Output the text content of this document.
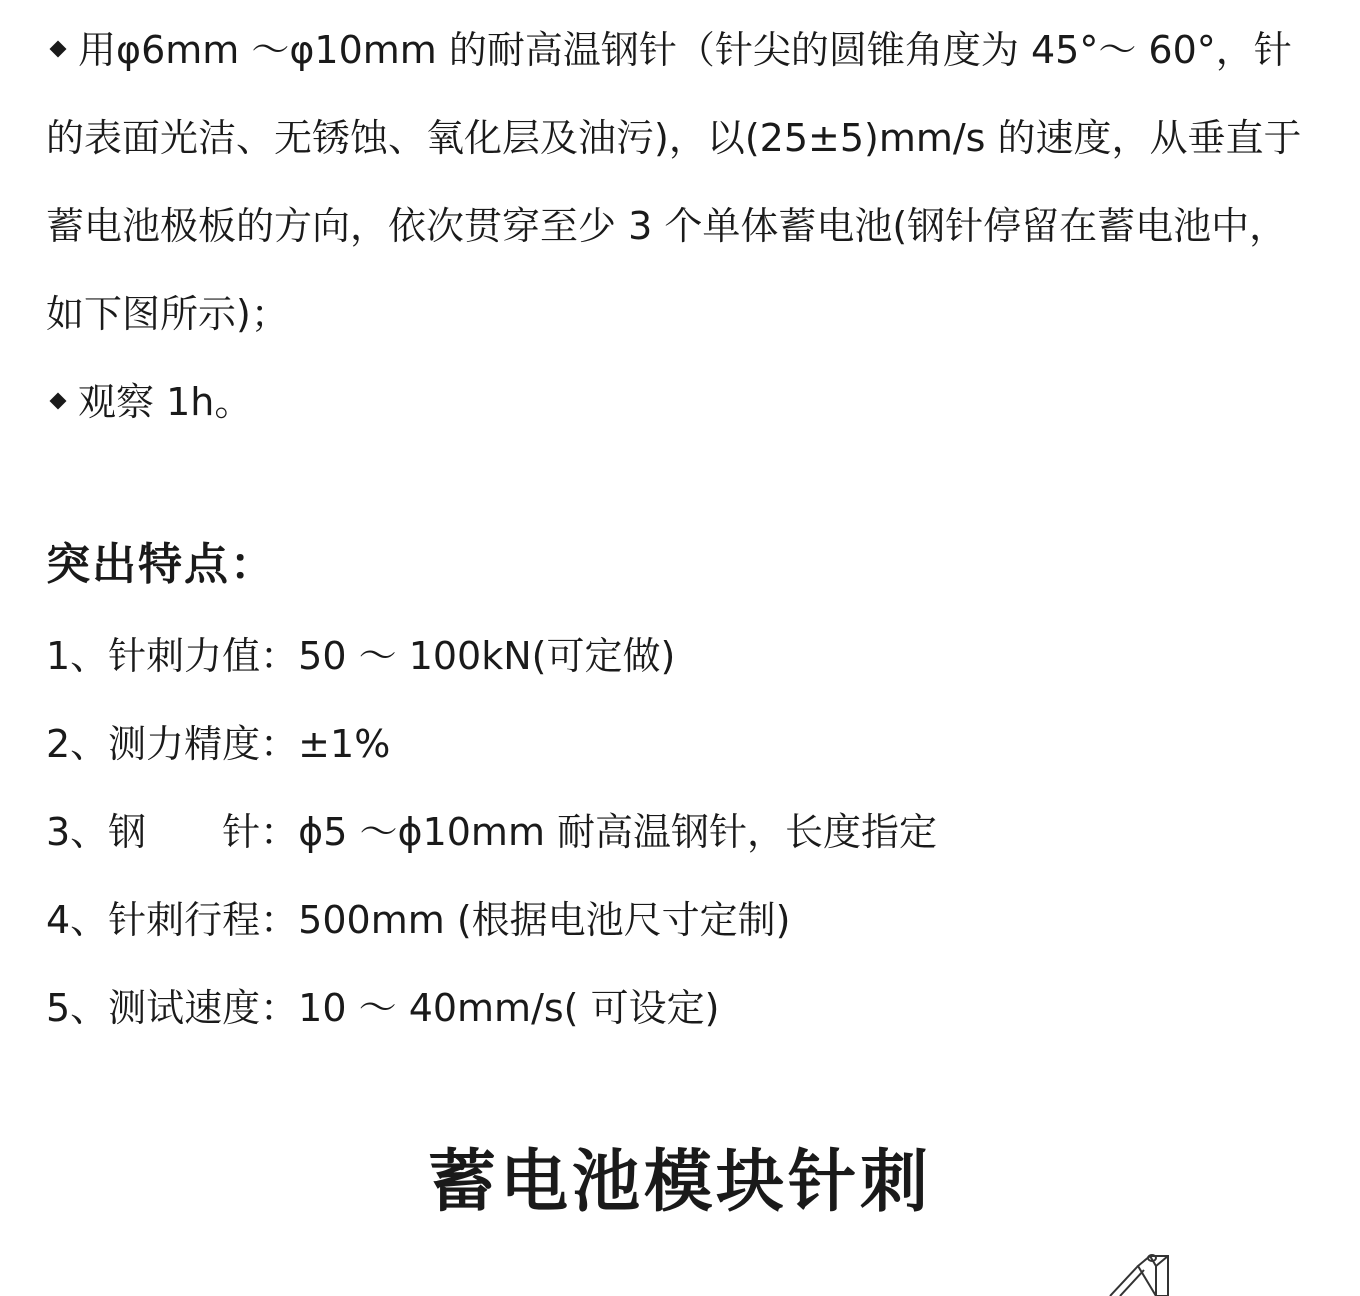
用φ6mm ～φ10mm 的耐高温钢针（针尖的圆锥角度为 45°～ 60°，针的表面光洁、无锈蚀、氧化层及油污)，以(25±5)mm/s 的速度，从垂直于蓄电池极板的方向，依次贯穿至少 3 个单体蓄电池(钢针停留在蓄电池中，如下图所示)；

观察 1h。

突出特点：
1、针刺力值：50 ～ 100kN(可定做)
2、测力精度：±1%
3、钢　　针：ϕ5 ～ϕ10mm 耐高温钢针，长度指定
4、针刺行程：500mm (根据电池尺寸定制)
5、测试速度：10 ～ 40mm/s( 可设定)
蓄电池模块针刺
